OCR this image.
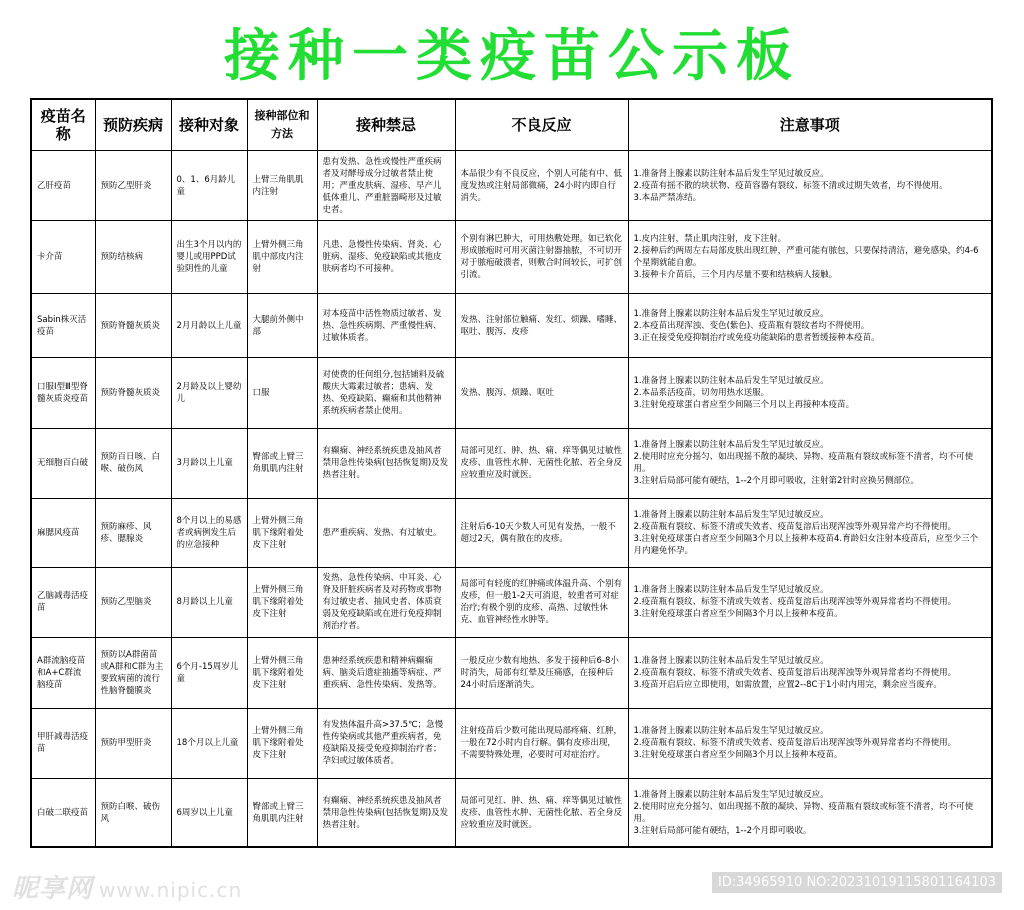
接种一类疫苗公示板
疫苗名称	预防疾病	接种对象	接种部位和方法	接种禁忌	不良反应	注意事项
乙肝疫苗	预防乙型肝炎	0、1、6月龄儿童	上臂三角肌肌内注射	患有发热、急性或慢性严重疾病者及对酵母成分过敏者禁止使用；严重皮肤病、湿疹、早产儿低体重儿、严重脏器畸形及过敏史者。	本品很少有不良反应，个别人可能有中、低度发热或注射局部微痛，24小时内即自行消失。	1.准备肾上腺素以防注射本品后发生罕见过敏反应。
2.疫苗有摇不散的块状物、疫苗容器有裂纹、标签不清或过期失效者，均不得使用。
3.本品严禁冻结。

卡介苗	预防结核病	出生3个月以内的婴儿或用PPD试验阴性的儿童	上臂外侧三角肌中部皮内注射	凡患、急慢性传染病、肾炎、心脏病、湿疹、免疫缺陷或其他皮肤病者均不可接种。	个别有淋巴肿大，可用热敷处理。如已软化形成脓疱时可用灭菌注射器抽脓，不可切开对于脓疱破溃者，则敷合时间较长，可扩创引流。	1.皮内注射，禁止肌肉注射，皮下注射。
2.接种后约两周左右局部皮肤出现红肿，严重可能有脓包，只要保持清洁，避免感染，约4-6个星期就能自愈。
3.接种卡介苗后，三个月内尽量不要和结核病人接触。

Sabin株灭活疫苗	预防脊髓灰质炎	2月月龄以上儿童	大腿前外侧中部	对本疫苗中活性物质过敏者、发热、急性疾病期、严重慢性病、过敏体质者。	发热、注射部位触痛、发红、烦躁、嗜睡、呕吐、腹泻、皮疹	1.准备肾上腺素以防注射本品后发生罕见过敏反应。
2.本疫苗出现浑浊、变色(紫色)、疫苗瓶有裂纹者均不得使用。
3.正在接受免疫抑制治疗或免疫功能缺陷的患者暂缓接种本疫苗。

口服Ⅰ型Ⅲ型脊髓灰质炎疫苗	预防脊髓灰质炎	2月龄及以上婴幼儿	口服	对使费的任何组分,包括铺料及硫酸庆大霉素过敏者；患病、发热、免疫缺陷、癫痫和其他精神系统疾病者禁止使用。	发热、腹泻、烦躁、呕吐	1.准备肾上腺素以防注射本品后发生罕见过敏反应。
2.本品系活疫苗，切勿用热水送服。
3.注射免疫球蛋白者应至少间隔三个月以上再接种本疫苗。

无细胞百白破	预防百日咳、白喉、破伤风	3月龄以上儿童	臀部或上臂三角肌肌内注射	有癫痫、神经系统疾患及抽风者禁用急性传染病(包括恢复期)及发热者注射。	局部可见红、肿、热、痛、痒等偶见过敏性皮疹、血管性水肿、无菌性化脓、若全身反应较重应及时就医。	1.准备肾上腺素以防注射本品后发生罕见过敏反应。
2.使用时应充分摇匀、如出现摇不散的凝块、异物、疫苗瓶有裂纹或标签不清者，均不可使用。
3.注射后局部可能有硬结，1--2个月即可吸收，注射第2针时应换另侧部位。

麻腮风疫苗	预防麻疹、风疹、腮腺炎	8个月以上的易感者或病例发生后的应急接种	上臂外侧三角肌下缘附着处皮下注射	患严重疾病、发热、有过敏史。	注射后6-10天少数人可见有发热，一般不超过2天，偶有散在的皮疹。	1.准备肾上腺素以防注射本品后发生罕见过敏反应。
2.疫苗瓶有裂纹、标签不清或失效者、疫苗复溶后出现浑浊等外观异常产均不得使用。
3.注射免疫球蛋白者应至少间隔3个月以上接种本疫苗4.育龄妇女注射本疫苗后，应至少三个月内避免怀孕。

乙脑减毒活疫苗	预防乙型脑炎	8月龄以上儿童	上臂外侧三角肌下缘附着处皮下注射	发热、急性传染病、中耳炎、心脊及肝脏疾病者及对药物或事物有过敏史者、抽风史者、体质衰弱及免疫缺陷或在进行免疫抑制剂治疗者。	局部可有轻度的红肿痛或体温升高、个别有皮疹，但一般1-2天可消退，较重者可对症治疗;有极个别的皮疹、高热、过敏性休克、血管神经性水肿等。	1.准备肾上腺素以防注射本品后发生罕见过敏反应。
2.疫苗瓶有裂纹、标签不清或失效者、疫苗复溶后出现浑浊等外观异常者均不得使用。
3.注射免疫球蛋白者应至少间隔3个月以上接种本疫苗。

A群流脑疫苗和A+C群流脑疫苗	预防以A群菌苗或A群和C群为主要致病菌的流行性脑脊髓膜炎	6个月-15周岁儿童	上臂外侧三角肌下缘附着处皮下注射	患神经系统疾患和精神病癫痫病、脑炎后遗症抽搐等病症、严重疾病、急性传染病、发热等。	一般反应少数有地热、多发于接种后6-8小时消失，局部有红晕及压痛感，在接种后24小时后逐渐消失。	1.准备肾上腺素以防注射本品后发生罕见过敏反应。
2.疫苗瓶有裂纹、标签不清或失效者、疫苗复溶后出现浑浊等外观异常者均不得使用。
3.疫苗开启后应立即使用，如需放置，应置2--8C于1小时内用完，剩余应当废弃。

甲肝减毒活疫苗	预防甲型肝炎	18个月以上儿童	上臂外侧三角肌下缘附着处皮下注射	有发热体温升高>37.5℃；急慢性传染病或其他严重疾病者，免疫缺陷及接受免疫抑制治疗者；孕妇或过敏体质者。	注射疫苗后少数可能出现局部疼痛、红肿，一般在72小时内自行解。偶有皮疹出现，不需要特殊处理，必要时可对症治疗。	1.准备肾上腺素以防注射本品后发生罕见过敏反应。
2.疫苗瓶有裂纹、标签不清或失效者、疫苗复溶后出现浑浊等外观异常者均不得使用。
3.注射免疫球蛋白者应至少间隔3个月以上接种本疫苗。

白破二联疫苗	预防白喉、破伤风	6周岁以上儿童	臀部或上臂三角肌肌内注射	有癫痫、神经系统疾患及抽风者禁用急性传染病(包括恢复期)及发热者注射。	局部可见红、肿、热、痛、痒等偶见过敏性皮疹、血管性水肿、无菌性化脓、若全身反应较重应及时就医。	1.准备肾上腺素以防注射本品后发生罕见过敏反应。
2.使用时应充分摇匀、如出现摇不散的凝块、异物、疫苗瓶有裂纹或标签不清者，均不可使用。
3.注射后局部可能有硬结，1--2个月即可吸收。
昵享网 www.nipic.cn	ID:34965910 NO:20231019115801164103
